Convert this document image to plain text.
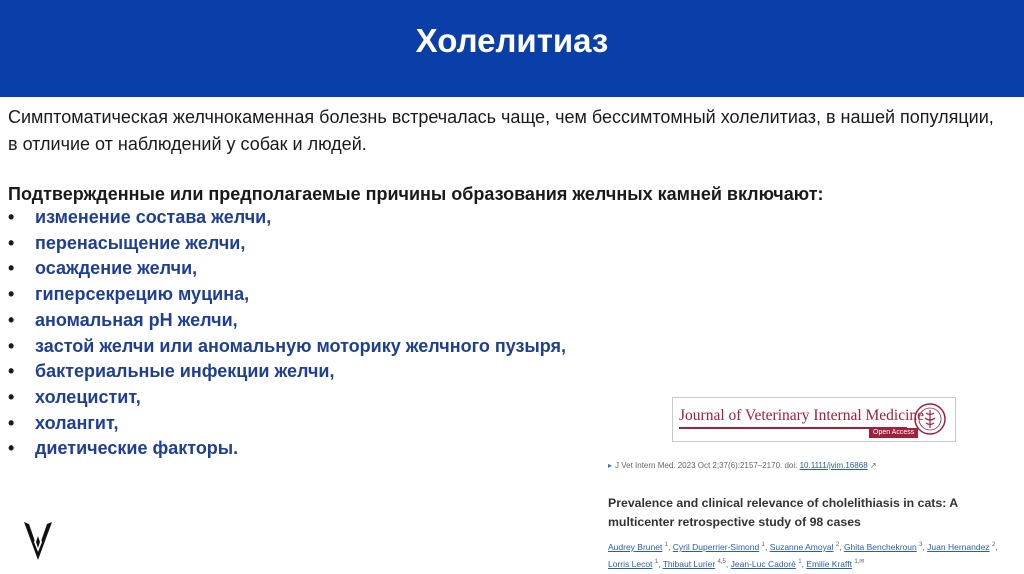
Холелитиаз
Симптоматическая желчнокаменная болезнь встречалась чаще, чем бессимтомный холелитиаз, в нашей популяции, в отличие от наблюдений у собак и людей.
Подтвержденные или предполагаемые причины образования желчных камней включают:
• изменение состава желчи,
• перенасыщение желчи,
• осаждение желчи,
• гиперсекрецию муцина,
• аномальная pH желчи,
• застой желчи или аномальную моторику желчного пузыря,
• бактериальные инфекции желчи,
• холецистит,
• холангит,
• диетические факторы.
Journal of Veterinary Internal Medicine
Open Access
▸ J Vet Intern Med. 2023 Oct 2;37(6):2157–2170. doi: 10.1111/jvim.16868 ↗
Prevalence and clinical relevance of cholelithiasis in cats: A multicenter retrospective study of 98 cases
Audrey Brunet $^1$, Cyril Duperrier-Simond $^1$, Suzanne Amoyal $^2$, Ghita Benchekroun $^3$, Juan Hernandez $^2$, Lorris Lecot $^1$, Thibaut Lurier $^{4,5}$, Jean-Luc Cadoré $^1$, Emilie Krafft $^{1,✉}$
